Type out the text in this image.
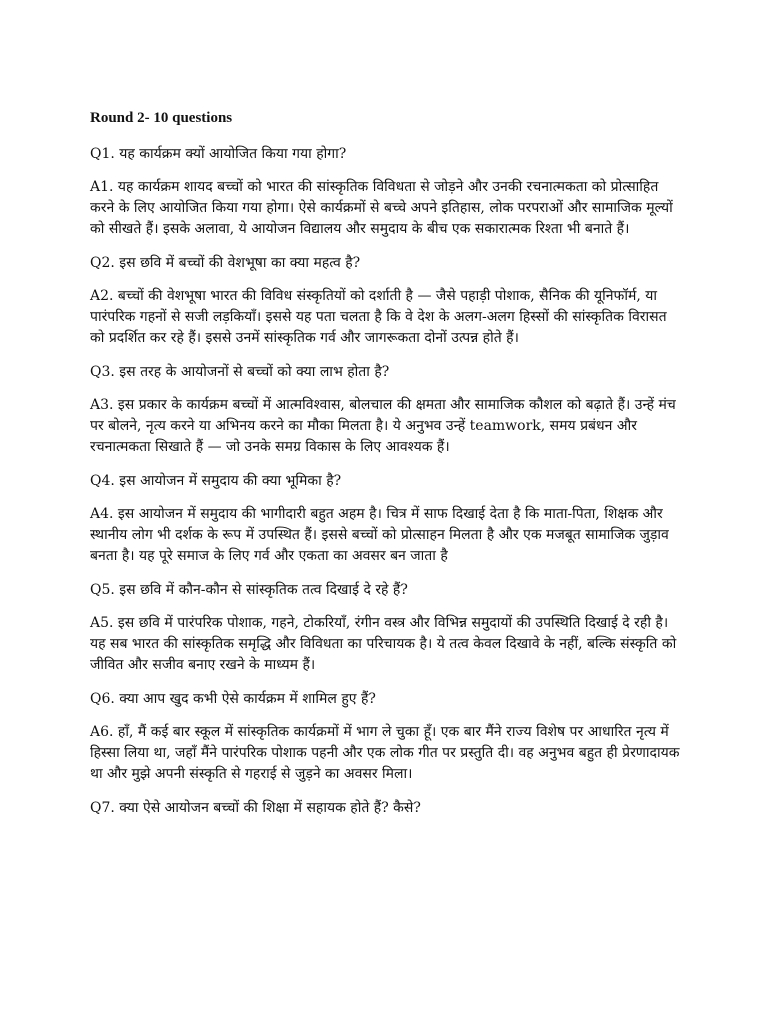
Round 2- 10 questions

Q1. यह कार्यक्रम क्यों आयोजित किया गया होगा?

A1. यह कार्यक्रम शायद बच्चों को भारत की सांस्कृतिक विविधता से जोड़ने और उनकी रचनात्मकता को प्रोत्साहित करने के लिए आयोजित किया गया होगा। ऐसे कार्यक्रमों से बच्चे अपने इतिहास, लोक परपराओं और सामाजिक मूल्यों को सीखते हैं। इसके अलावा, ये आयोजन विद्यालय और समुदाय के बीच एक सकारात्मक रिश्ता भी बनाते हैं।

Q2. इस छवि में बच्चों की वेशभूषा का क्या महत्व है?

A2. बच्चों की वेशभूषा भारत की विविध संस्कृतियों को दर्शाती है — जैसे पहाड़ी पोशाक, सैनिक की यूनिफॉर्म, या पारंपरिक गहनों से सजी लड़कियाँ। इससे यह पता चलता है कि वे देश के अलग-अलग हिस्सों की सांस्कृतिक विरासत को प्रदर्शित कर रहे हैं। इससे उनमें सांस्कृतिक गर्व और जागरूकता दोनों उत्पन्न होते हैं।

Q3. इस तरह के आयोजनों से बच्चों को क्या लाभ होता है?

A3. इस प्रकार के कार्यक्रम बच्चों में आत्मविश्वास, बोलचाल की क्षमता और सामाजिक कौशल को बढ़ाते हैं। उन्हें मंच पर बोलने, नृत्य करने या अभिनय करने का मौका मिलता है। ये अनुभव उन्हें teamwork, समय प्रबंधन और रचनात्मकता सिखाते हैं — जो उनके समग्र विकास के लिए आवश्यक हैं।

Q4. इस आयोजन में समुदाय की क्या भूमिका है?

A4. इस आयोजन में समुदाय की भागीदारी बहुत अहम है। चित्र में साफ दिखाई देता है कि माता-पिता, शिक्षक और स्थानीय लोग भी दर्शक के रूप में उपस्थित हैं। इससे बच्चों को प्रोत्साहन मिलता है और एक मजबूत सामाजिक जुड़ाव बनता है। यह पूरे समाज के लिए गर्व और एकता का अवसर बन जाता है

Q5. इस छवि में कौन-कौन से सांस्कृतिक तत्व दिखाई दे रहे हैं?

A5. इस छवि में पारंपरिक पोशाक, गहने, टोकरियाँ, रंगीन वस्त्र और विभिन्न समुदायों की उपस्थिति दिखाई दे रही है। यह सब भारत की सांस्कृतिक समृद्धि और विविधता का परिचायक है। ये तत्व केवल दिखावे के नहीं, बल्कि संस्कृति को जीवित और सजीव बनाए रखने के माध्यम हैं।

Q6. क्या आप खुद कभी ऐसे कार्यक्रम में शामिल हुए हैं?

A6. हाँ, मैं कई बार स्कूल में सांस्कृतिक कार्यक्रमों में भाग ले चुका हूँ। एक बार मैंने राज्य विशेष पर आधारित नृत्य में हिस्सा लिया था, जहाँ मैंने पारंपरिक पोशाक पहनी और एक लोक गीत पर प्रस्तुति दी। वह अनुभव बहुत ही प्रेरणादायक था और मुझे अपनी संस्कृति से गहराई से जुड़ने का अवसर मिला।

Q7. क्या ऐसे आयोजन बच्चों की शिक्षा में सहायक होते हैं? कैसे?
